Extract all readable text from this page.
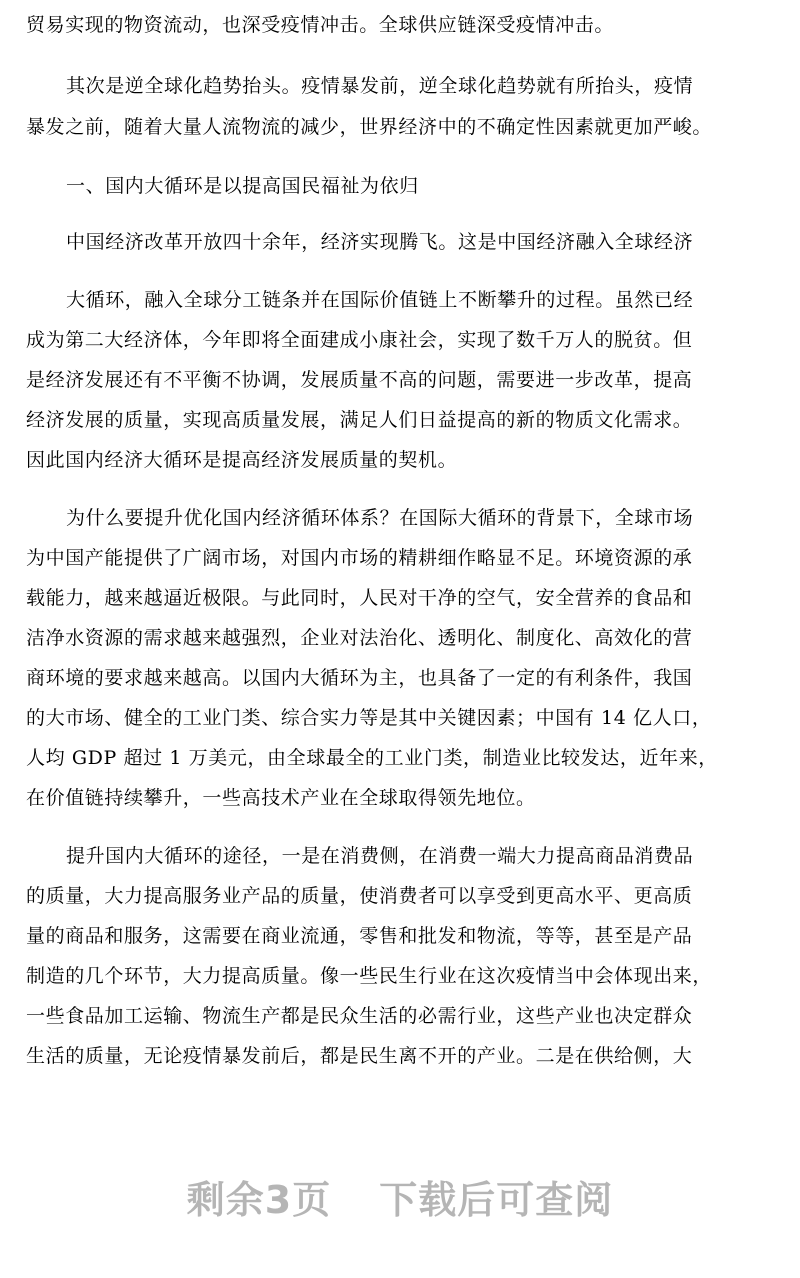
贸易实现的物资流动，也深受疫情冲击。全球供应链深受疫情冲击。
其次是逆全球化趋势抬头。疫情暴发前，逆全球化趋势就有所抬头，疫情
暴发之前，随着大量人流物流的减少，世界经济中的不确定性因素就更加严峻。
一、国内大循环是以提高国民福祉为依归
中国经济改革开放四十余年，经济实现腾飞。这是中国经济融入全球经济
大循环，融入全球分工链条并在国际价值链上不断攀升的过程。虽然已经
成为第二大经济体，今年即将全面建成小康社会，实现了数千万人的脱贫。但
是经济发展还有不平衡不协调，发展质量不高的问题，需要进一步改革，提高
经济发展的质量，实现高质量发展，满足人们日益提高的新的物质文化需求。
因此国内经济大循环是提高经济发展质量的契机。
为什么要提升优化国内经济循环体系？在国际大循环的背景下，全球市场
为中国产能提供了广阔市场，对国内市场的精耕细作略显不足。环境资源的承
载能力，越来越逼近极限。与此同时，人民对干净的空气，安全营养的食品和
洁净水资源的需求越来越强烈，企业对法治化、透明化、制度化、高效化的营
商环境的要求越来越高。以国内大循环为主，也具备了一定的有利条件，我国
的大市场、健全的工业门类、综合实力等是其中关键因素；中国有 14 亿人口，
人均 GDP 超过 1 万美元，由全球最全的工业门类，制造业比较发达，近年来，
在价值链持续攀升，一些高技术产业在全球取得领先地位。
提升国内大循环的途径，一是在消费侧，在消费一端大力提高商品消费品
的质量，大力提高服务业产品的质量，使消费者可以享受到更高水平、更高质
量的商品和服务，这需要在商业流通，零售和批发和物流，等等，甚至是产品
制造的几个环节，大力提高质量。像一些民生行业在这次疫情当中会体现出来，
一些食品加工运输、物流生产都是民众生活的必需行业，这些产业也决定群众
生活的质量，无论疫情暴发前后，都是民生离不开的产业。二是在供给侧，大
剩余3页 下载后可查阅
